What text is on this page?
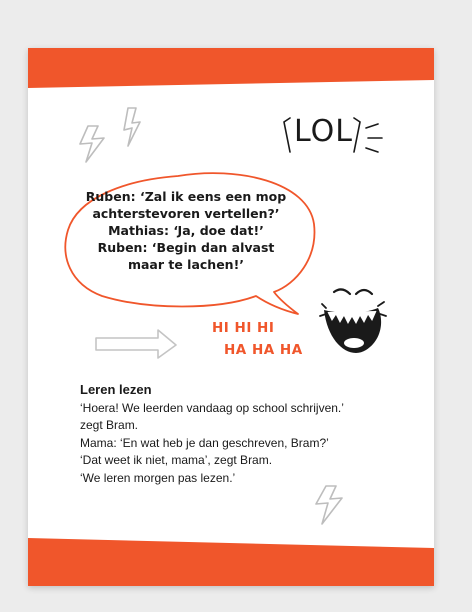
LOL
Ruben: ‘Zal ik eens een mop
achterstevoren vertellen?’
Mathias: ‘Ja, doe dat!’
Ruben: ‘Begin dan alvast
maar te lachen!’
HI HI HI
HA HA HA
Leren lezen
‘Hoera! We leerden vandaag op school schrijven.’
zegt Bram.
Mama: ‘En wat heb je dan geschreven, Bram?’
‘Dat weet ik niet, mama’, zegt Bram.
‘We leren morgen pas lezen.’
